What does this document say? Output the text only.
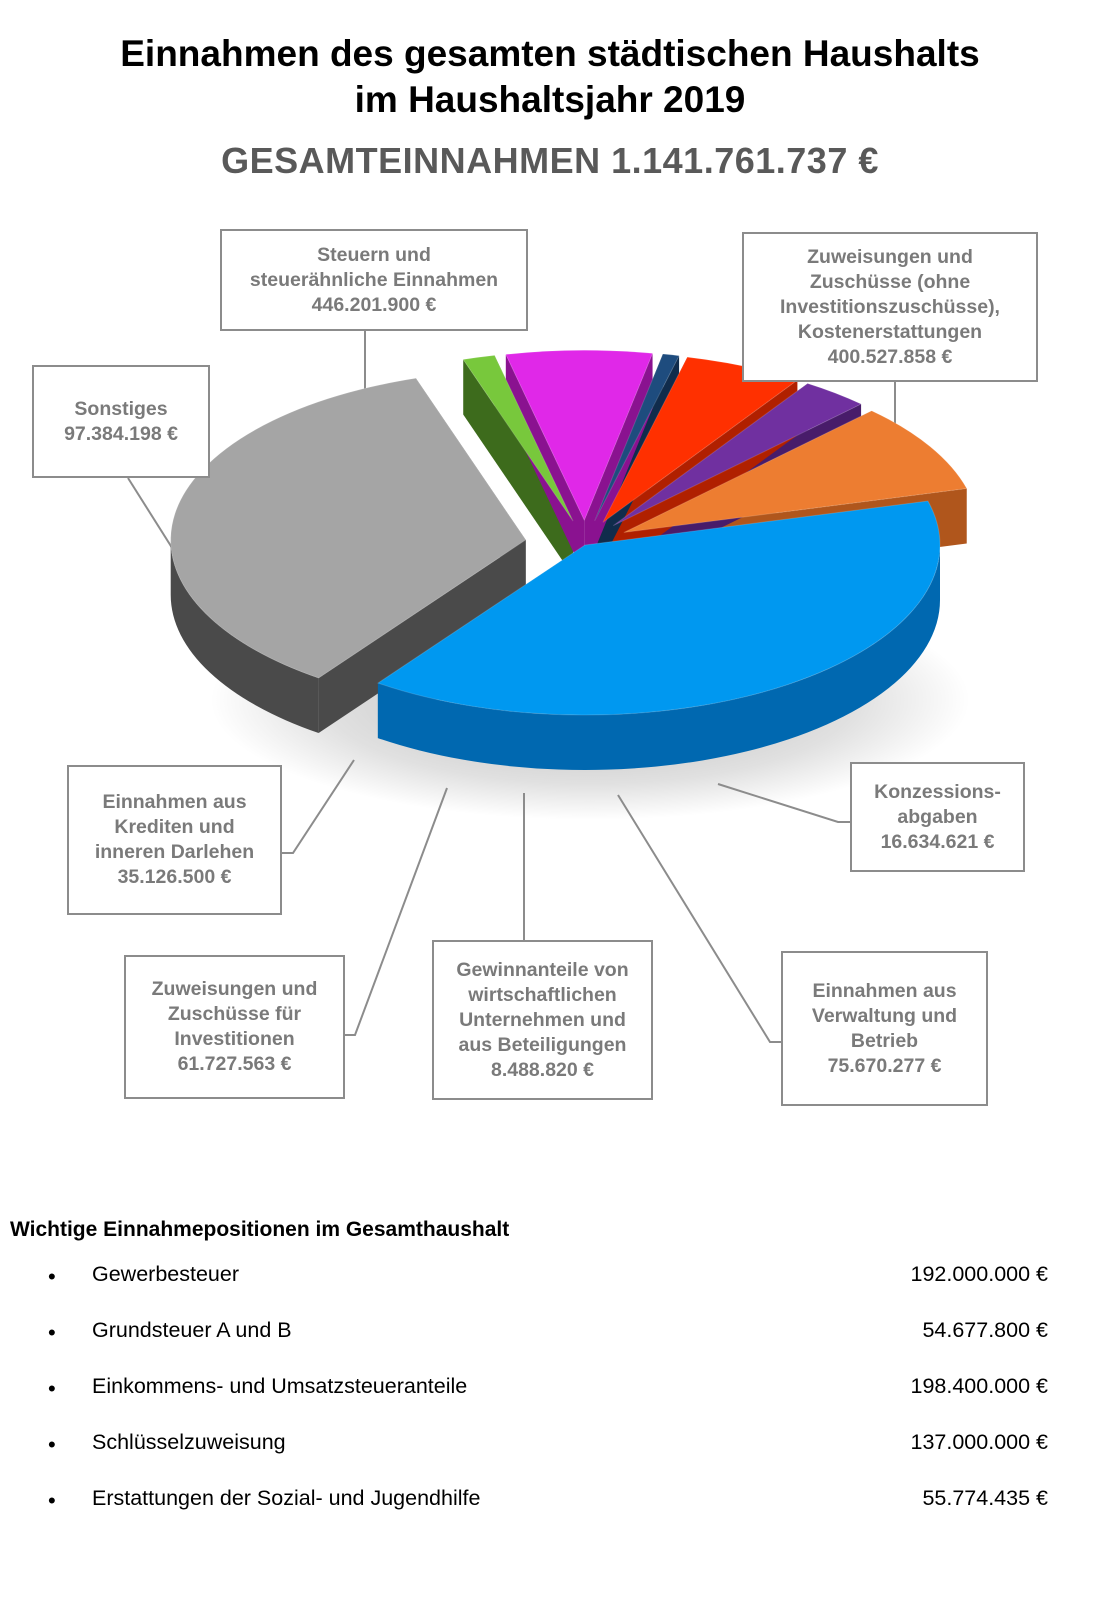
Einnahmen des gesamten städtischen Haushalts
im Haushaltsjahr 2019
GESAMTEINNAHMEN 1.141.761.737 €
Steuern und
steuerähnliche Einnahmen
446.201.900 €
Zuweisungen und
Zuschüsse (ohne
Investitionszuschüsse),
Kostenerstattungen
400.527.858 €
Konzessions-
abgaben
16.634.621 €
Einnahmen aus
Verwaltung und
Betrieb
75.670.277 €
Gewinnanteile von
wirtschaftlichen
Unternehmen und
aus Beteiligungen
8.488.820 €
Zuweisungen und
Zuschüsse für
Investitionen
61.727.563 €
Einnahmen aus
Krediten und
inneren Darlehen
35.126.500 €
Sonstiges
97.384.198 €
Wichtige Einnahmepositionen im Gesamthaushalt
• Gewerbesteuer	192.000.000 €
• Grundsteuer A und B	54.677.800 €
• Einkommens- und Umsatzsteueranteile	198.400.000 €
• Schlüsselzuweisung	137.000.000 €
• Erstattungen der Sozial- und Jugendhilfe	55.774.435 €
